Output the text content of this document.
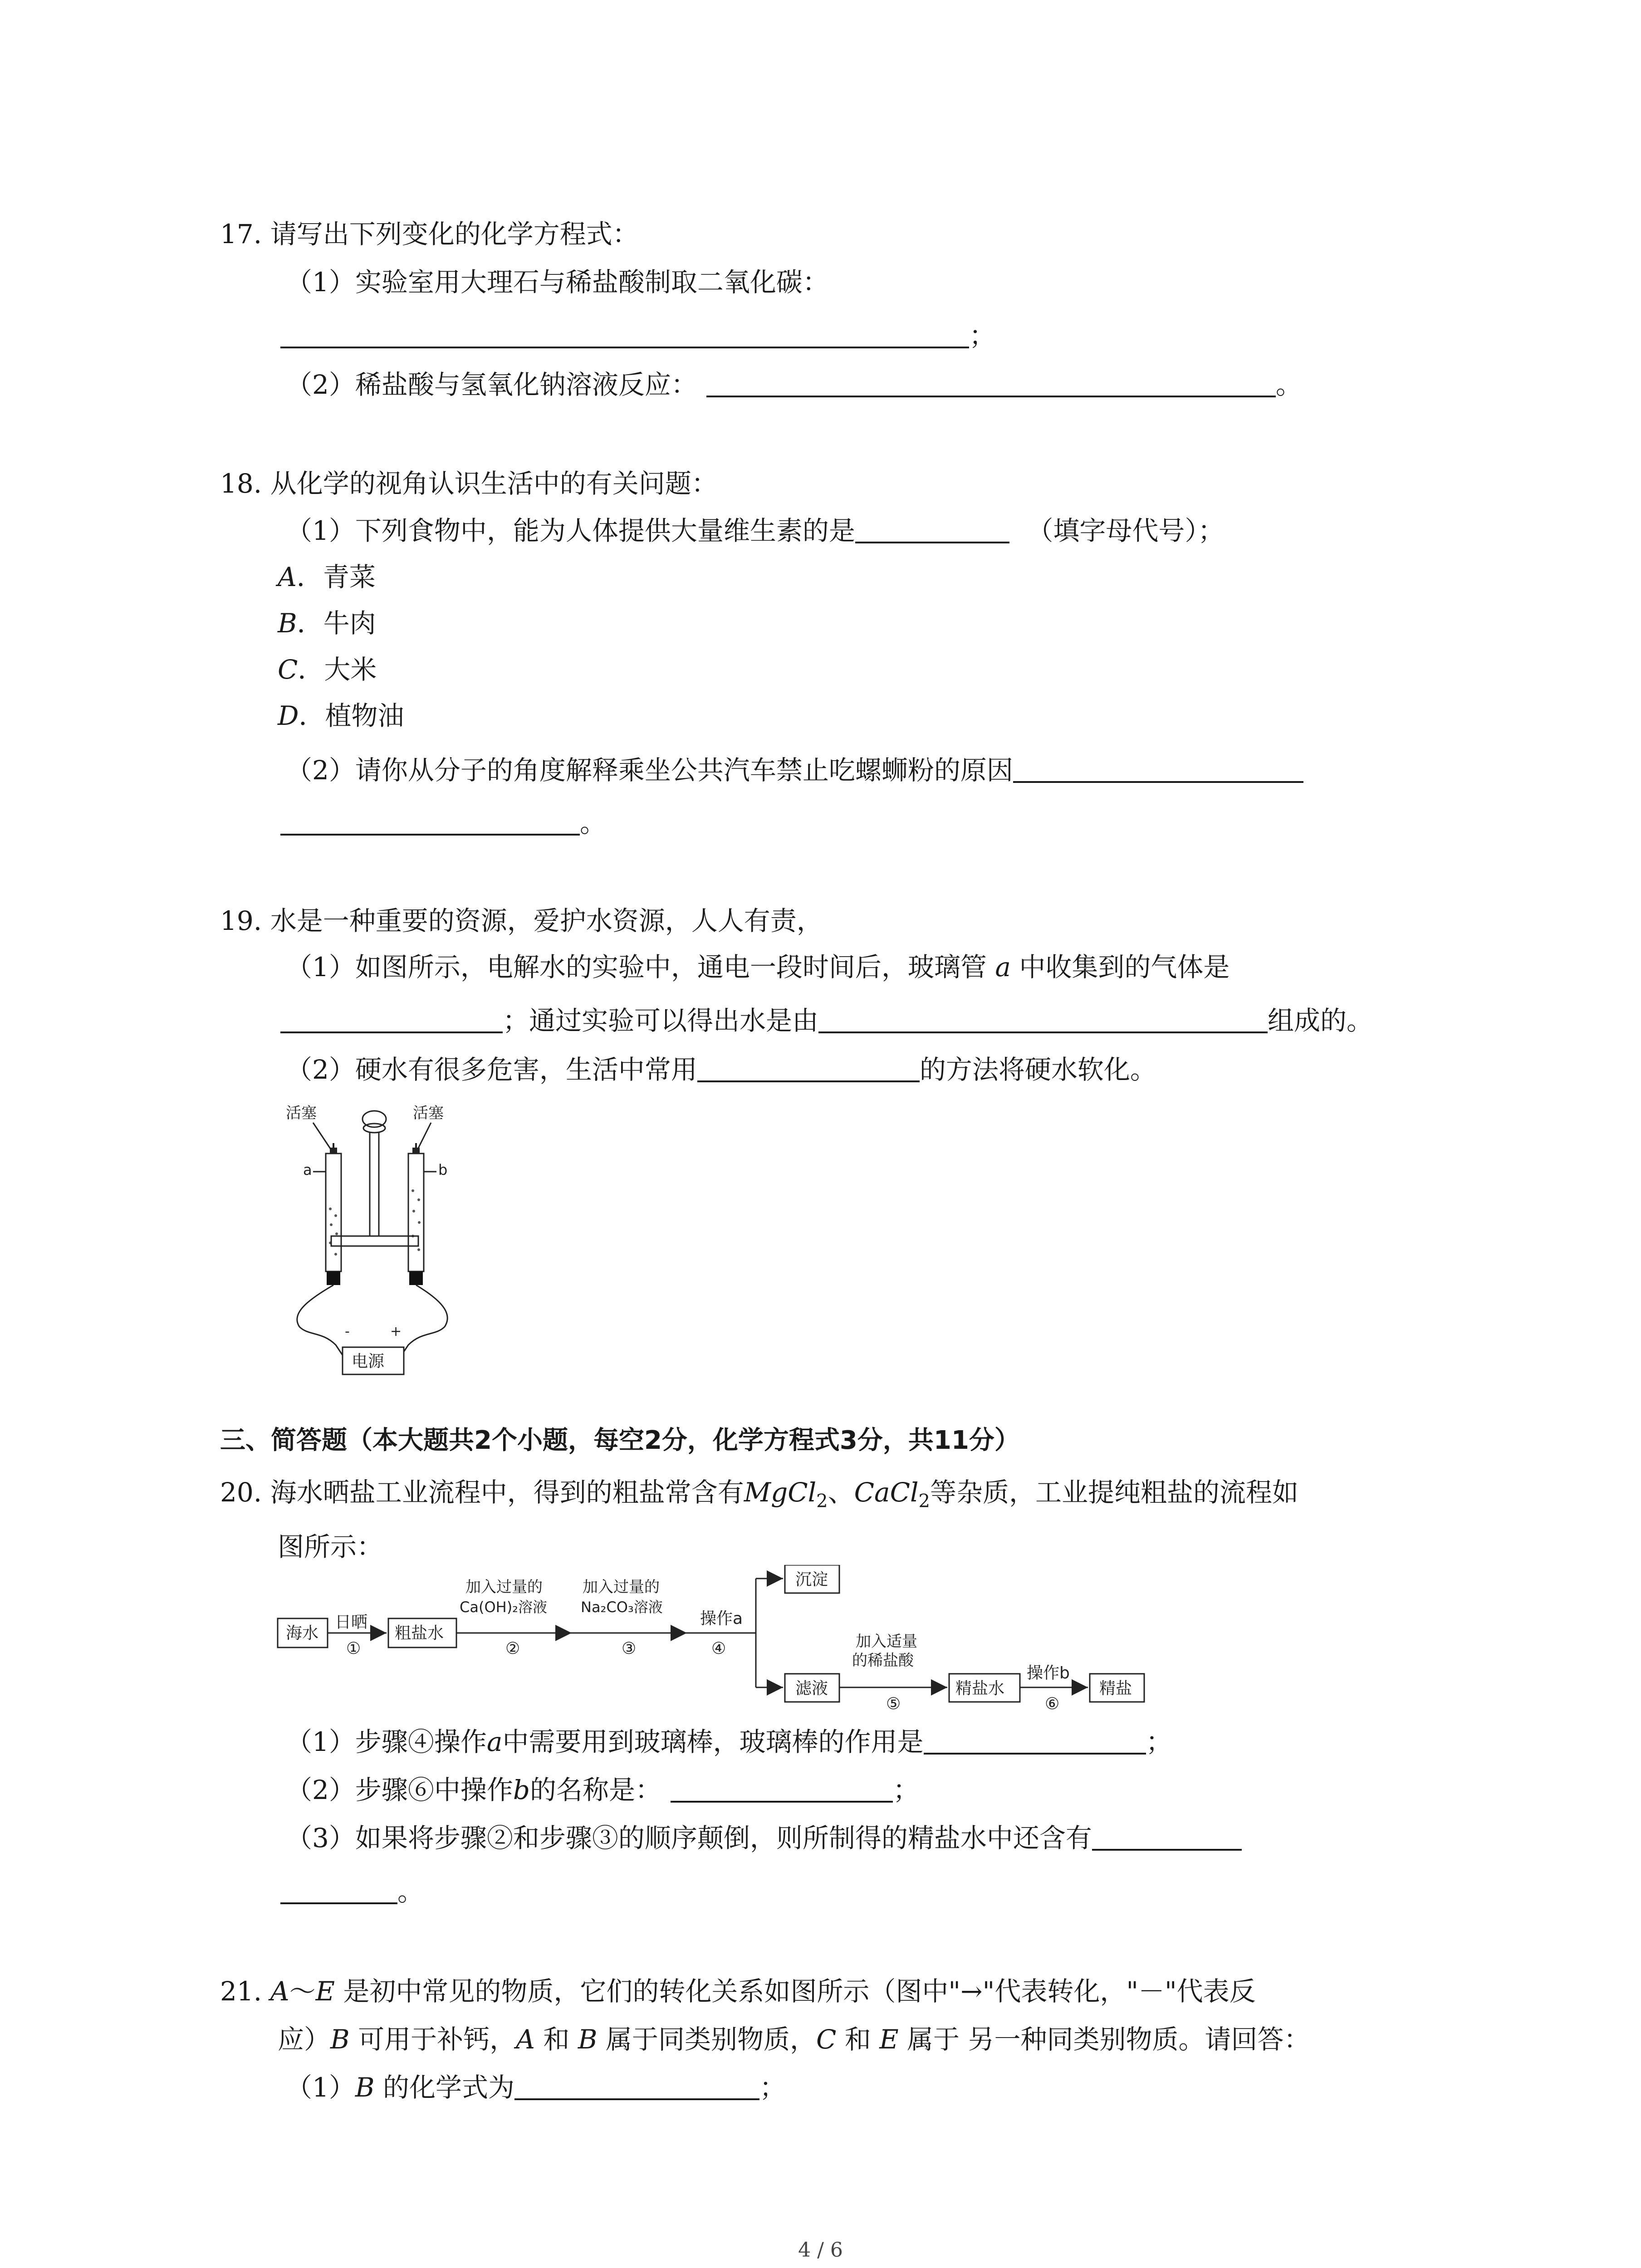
17. 请写出下列变化的化学方程式：
（1）实验室用大理石与稀盐酸制取二氧化碳：
；
（2）稀盐酸与氢氧化钠溶液反应：	。
18. 从化学的视角认识生活中的有关问题：
（1）下列食物中，能为人体提供大量维生素的是	（填字母代号）；
A．青菜
B．牛肉
C．大米
D．植物油
（2）请你从分子的角度解释乘坐公共汽车禁止吃螺蛳粉的原因
。
19. 水是一种重要的资源，爱护水资源，人人有责，
（1）如图所示，电解水的实验中，通电一段时间后，玻璃管 a 中收集到的气体是
；通过实验可以得出水是由	组成的。
（2）硬水有很多危害，生活中常用	的方法将硬水软化。
活塞	活塞
a	b
-	+
电源
三、简答题（本大题共2个小题，每空2分，化学方程式3分，共11分）
20. 海水晒盐工业流程中，得到的粗盐常含有MgCl$_2$、CaCl$_2$等杂质，工业提纯粗盐的流程如
图所示：
海水
日晒
①
粗盐水
加入过量的
Ca(OH)₂溶液
②
加入过量的
Na₂CO₃溶液
③
操作a
④
沉淀
滤液
加入适量
的稀盐酸
⑤
精盐水
操作b
⑥
精盐
（1）步骤④操作a中需要用到玻璃棒，玻璃棒的作用是	；
（2）步骤⑥中操作b的名称是：	；
（3）如果将步骤②和步骤③的顺序颠倒，则所制得的精盐水中还含有
。
21. A～E 是初中常见的物质，它们的转化关系如图所示（图中"→"代表转化，"－"代表反
应）B 可用于补钙，A 和 B 属于同类别物质，C 和 E 属于 另一种同类别物质。请回答：
（1）B 的化学式为	；
4 / 6
